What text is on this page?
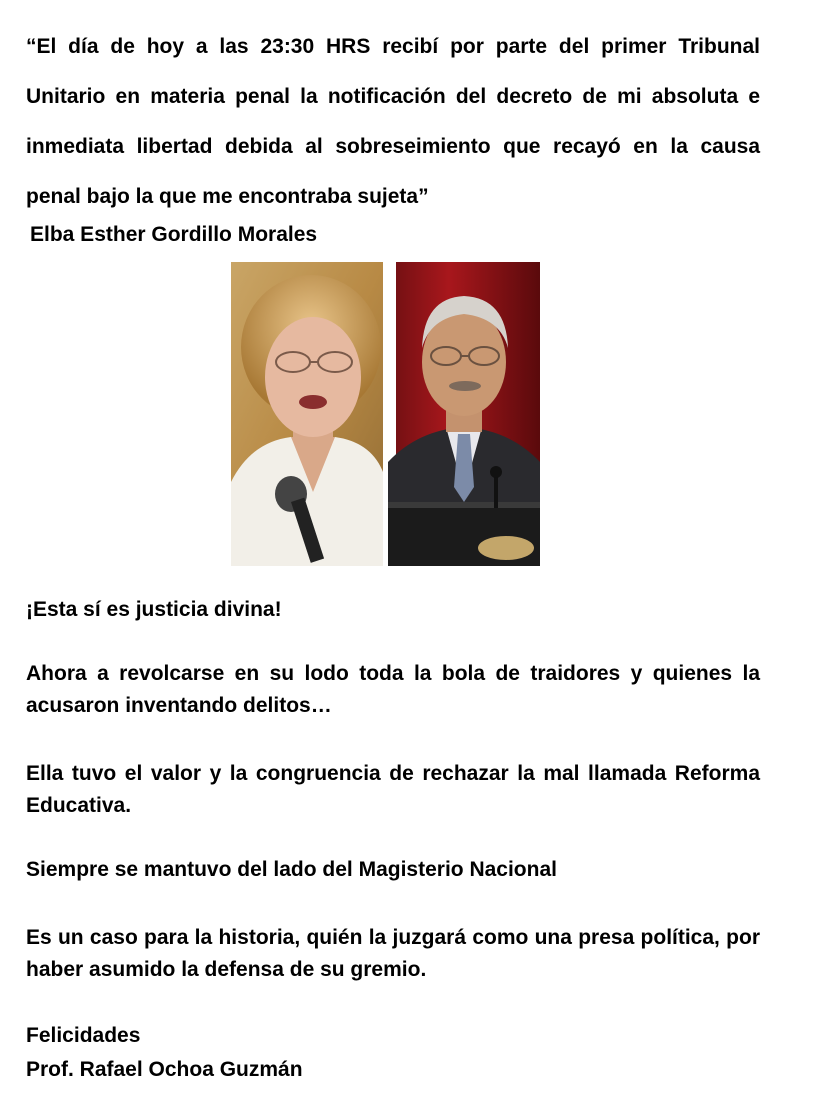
“El día de hoy a las 23:30 HRS recibí por parte del primer Tribunal Unitario en materia penal la notificación del decreto de mi absoluta e inmediata libertad debida al sobreseimiento que recayó en la causa penal bajo la que me encontraba sujeta”
Elba Esther Gordillo Morales

¡Esta sí es justicia divina!

Ahora a revolcarse en su lodo toda la bola de traidores y quienes la acusaron inventando delitos…

Ella tuvo el valor y la congruencia de rechazar la mal llamada Reforma Educativa.

Siempre se mantuvo del lado del Magisterio Nacional

Es un caso para la historia, quién la juzgará como una presa política, por haber asumido la defensa de su gremio.

Felicidades
Prof. Rafael Ochoa Guzmán
